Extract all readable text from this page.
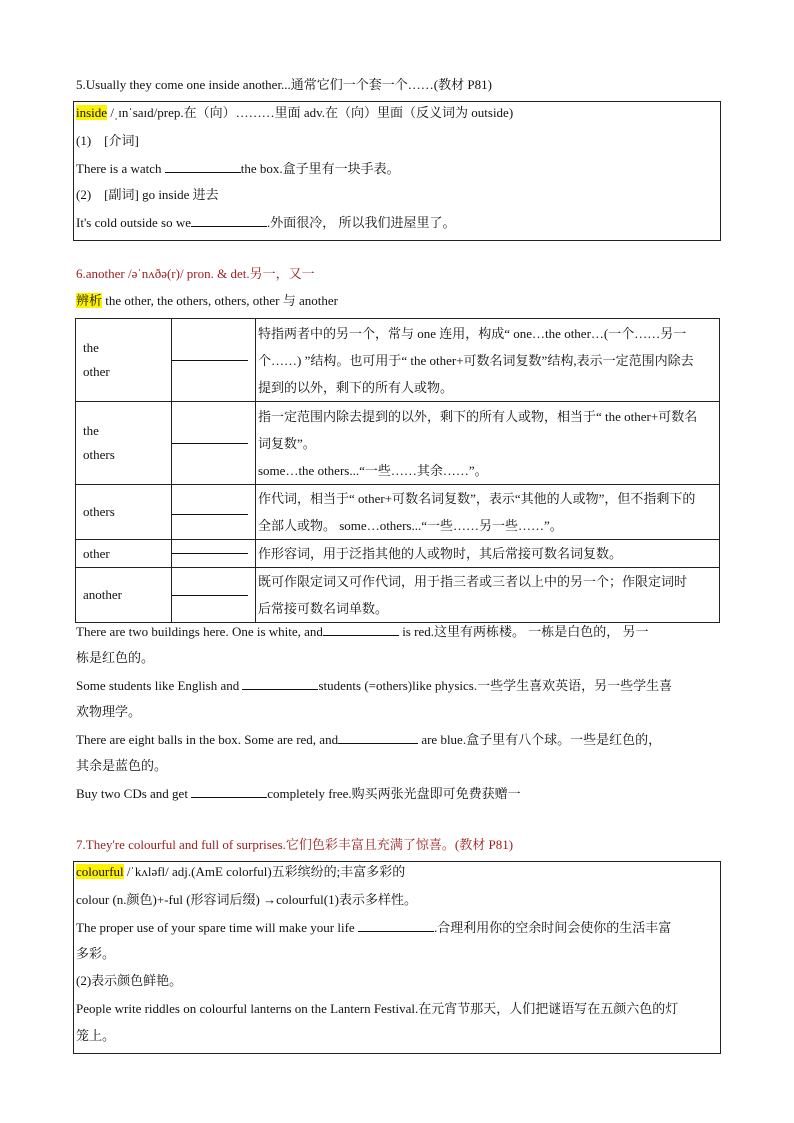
5.Usually they come one inside another...通常它们一个套一个……(教材 P81)
inside /ˌɪnˈsaɪd/prep.在（向）………里面 adv.在（向）里面（反义词为 outside)
(1)　[介词]
There is a watch	the box.盒子里有一块手表。
(2)　[副词] go inside 进去
It's cold outside so we	.外面很冷， 所以我们进屋里了。
6.another /əˈnʌðə(r)/ pron. & det.另一，又一
辨析 the other, the others, others, other 与 another
the
other		特指两者中的另一个，常与 one 连用，构成“ one…the other…(一个……另一
个……) ”结构。也可用于“ the other+可数名词复数”结构,表示一定范围内除去
提到的以外，剩下的所有人或物。
the
others		指一定范围内除去提到的以外，剩下的所有人或物，相当于“ the other+可数名
词复数”。
some…the others...“一些……其余……”。
others		作代词，相当于“ other+可数名词复数”，表示“其他的人或物”，但不指剩下的
全部人或物。 some…others...“一些……另一些……”。
other		作形容词，用于泛指其他的人或物时，其后常接可数名词复数。
another		既可作限定词又可作代词，用于指三者或三者以上中的另一个；作限定词时
后常接可数名词单数。
There are two buildings here. One is white, and	is red.这里有两栋楼。 一栋是白色的， 另一
栋是红色的。
Some students like English and	students (=others)like physics.一些学生喜欢英语，另一些学生喜
欢物理学。
There are eight balls in the box. Some are red, and	are blue.盒子里有八个球。一些是红色的，
其余是蓝色的。
Buy two CDs and get	completely free.购买两张光盘即可免费获赠一
7.They're colourful and full of surprises.它们色彩丰富且充满了惊喜。(教材 P81)
colourful /ˈkʌləfl/ adj.(AmE colorful)五彩缤纷的;丰富多彩的
colour (n.颜色)+-ful (形容词后缀) →colourful(1)表示多样性。
The proper use of your spare time will make your life	.合理利用你的空余时间会使你的生活丰富
多彩。
(2)表示颜色鲜艳。
People write riddles on colourful lanterns on the Lantern Festival.在元宵节那天，人们把谜语写在五颜六色的灯
笼上。
